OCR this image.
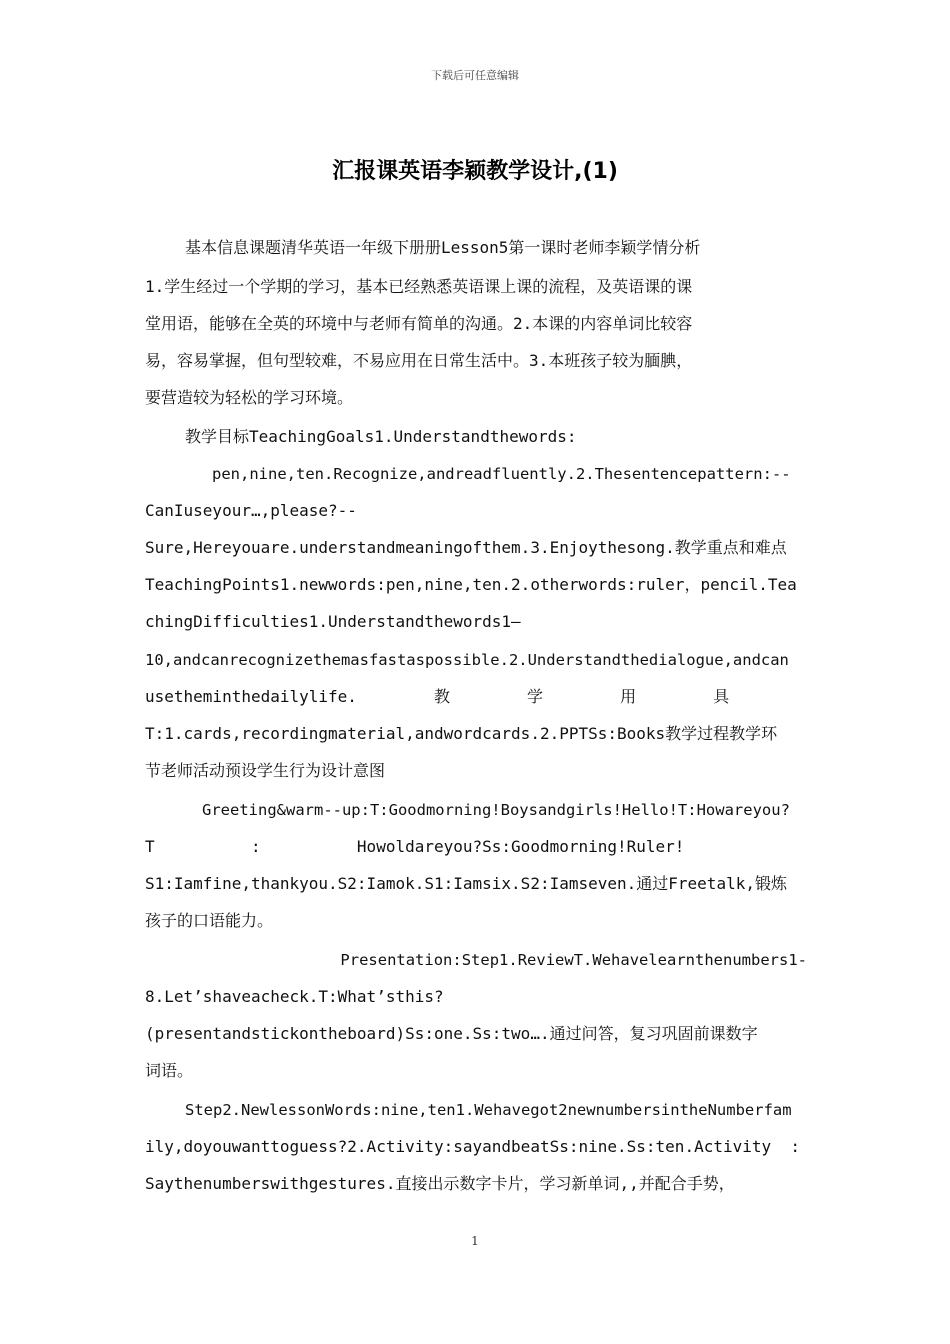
下载后可任意编辑
汇报课英语李颖教学设计,(1)
基本信息课题清华英语一年级下册册Lesson5第一课时老师李颖学情分析
1.学生经过一个学期的学习，基本已经熟悉英语课上课的流程，及英语课的课
堂用语，能够在全英的环境中与老师有简单的沟通。2.本课的内容单词比较容
易，容易掌握，但句型较难，不易应用在日常生活中。3.本班孩子较为腼腆，
要营造较为轻松的学习环境。
教学目标TeachingGoals1.Understandthewords:
pen,nine,ten.Recognize,andreadfluently.2.Thesentencepattern:--
CanIuseyour…,please?--
Sure,Hereyouare.understandmeaningofthem.3.Enjoythesong.教学重点和难点
TeachingPoints1.newwords:pen,nine,ten.2.otherwords:ruler，pencil.Tea
chingDifficulties1.Understandthewords1—
10,andcanrecognizethemasfastaspossible.2.Understandthedialogue,andcan
usetheminthedailylife.        教        学        用        具
T:1.cards,recordingmaterial,andwordcards.2.PPTSs:Books教学过程教学环
节老师活动预设学生行为设计意图
Greeting&warm--up:T:Goodmorning!Boysandgirls!Hello!T:Howareyou?
T          :          Howoldareyou?Ss:Goodmorning!Ruler!
S1:Iamfine,thankyou.S2:Iamok.S1:Iamsix.S2:Iamseven.通过Freetalk,锻炼
孩子的口语能力。
Presentation:Step1.ReviewT.Wehavelearnthenumbers1-
8.Let’shaveacheck.T:What’sthis?
(presentandstickontheboard)Ss:one.Ss:two….通过问答，复习巩固前课数字
词语。
Step2.NewlessonWords:nine,ten1.Wehavegot2newnumbersintheNumberfam
ily,doyouwanttoguess?2.Activity:sayandbeatSs:nine.Ss:ten.Activity  :
Saythenumberswithgestures.直接出示数字卡片，学习新单词,,并配合手势，
1
